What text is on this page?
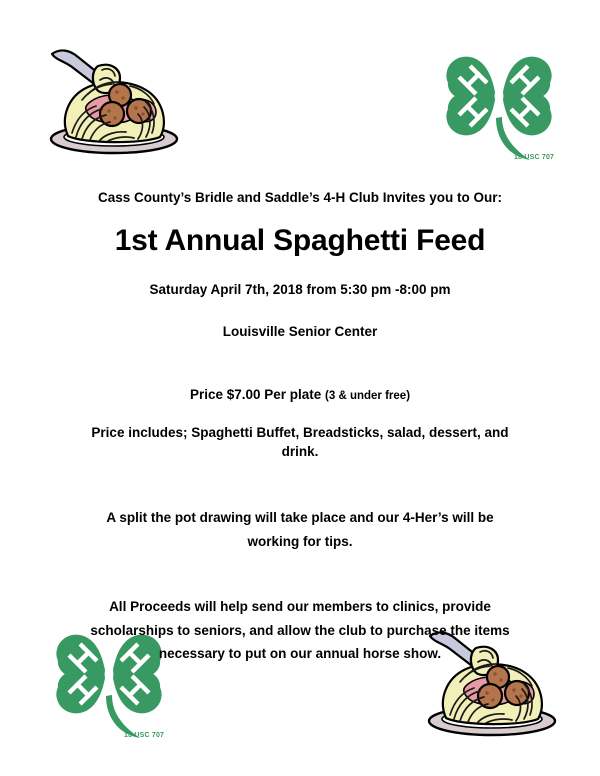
18 USC 707
18 USC 707

Cass County’s Bridle and Saddle’s 4-H Club Invites you to Our:

1st Annual Spaghetti Feed

Saturday April 7th, 2018 from 5:30 pm -8:00 pm

Louisville Senior Center

Price $7.00 Per plate (3 & under free)

Price includes; Spaghetti Buffet, Breadsticks, salad, dessert, and drink.

A split the pot drawing will take place and our 4-Her’s will be working for tips.

All Proceeds will help send our members to clinics, provide scholarships to seniors, and allow the club to purchase the items necessary to put on our annual horse show.
